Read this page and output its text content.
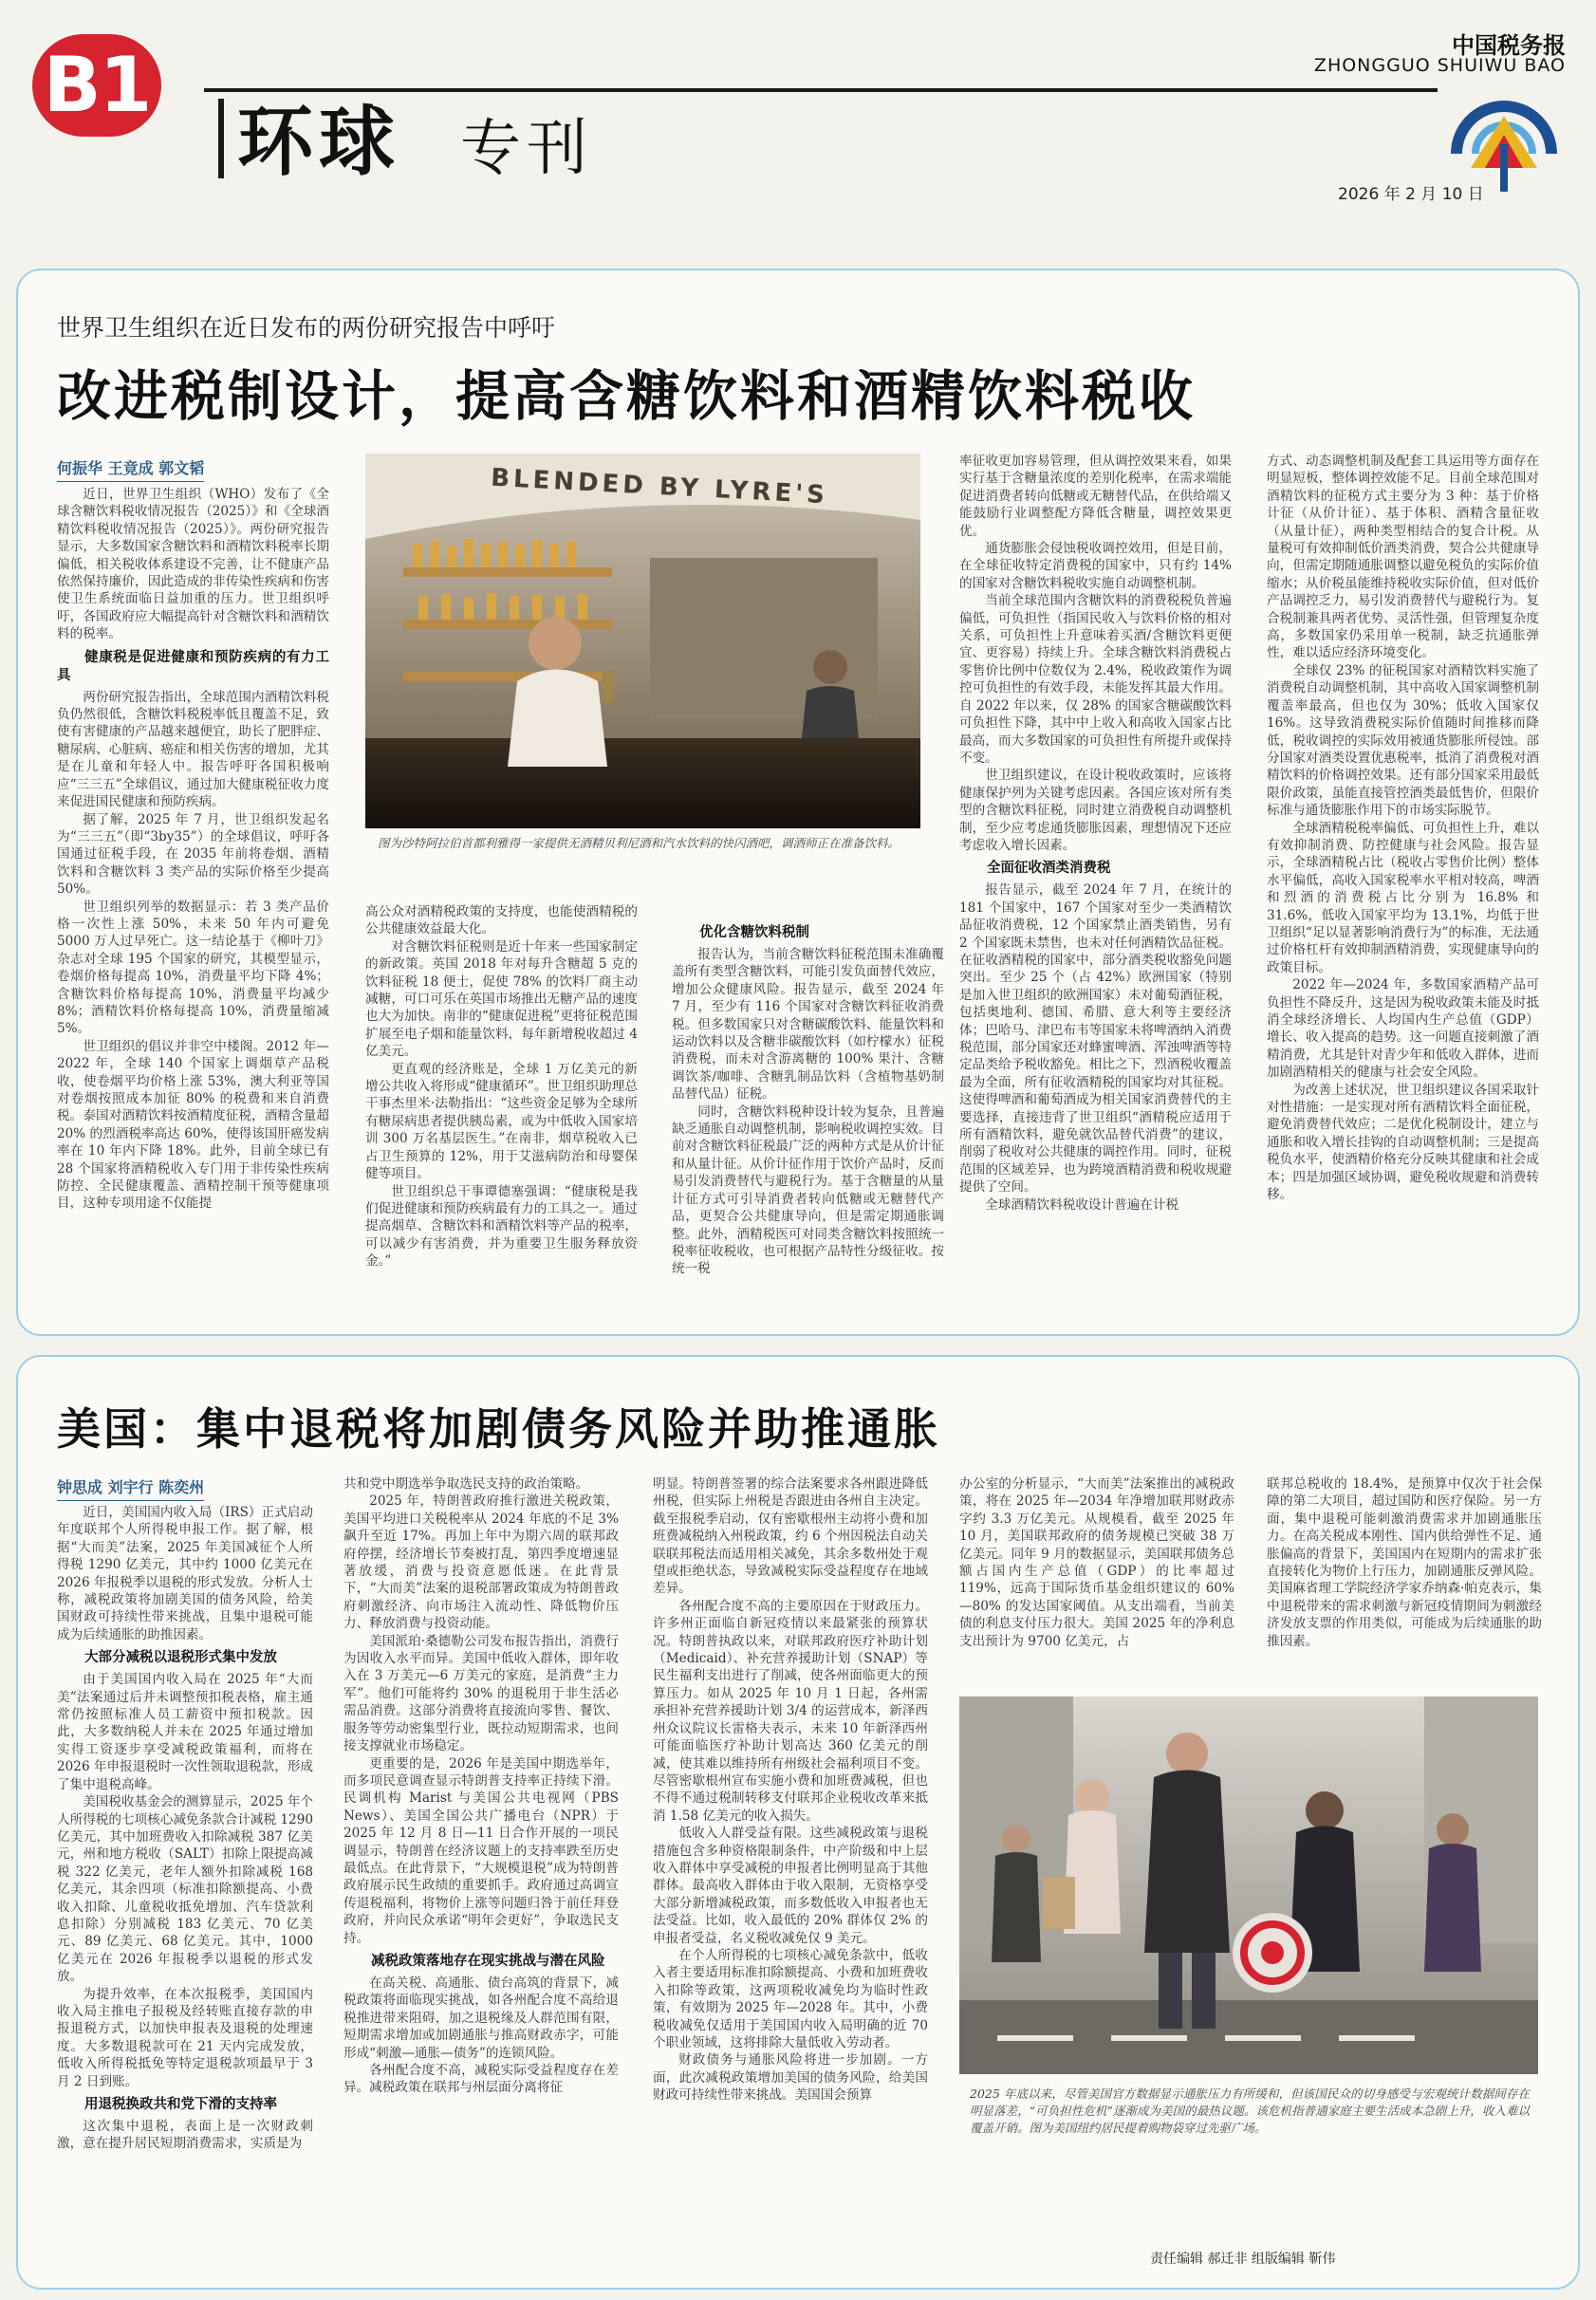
B1
环球 专刊
中国税务报
ZHONGGUO SHUIWU BAO
2026 年 2 月 10 日
世界卫生组织在近日发布的两份研究报告中呼吁
改进税制设计，提高含糖饮料和酒精饮料税收
何振华 王竟成 郭文韬

近日，世界卫生组织（WHO）发布了《全球含糖饮料税收情况报告（2025）》和《全球酒精饮料税收情况报告（2025）》。两份研究报告显示，大多数国家含糖饮料和酒精饮料税率长期偏低，相关税收体系建设不完善，让不健康产品依然保持廉价，因此造成的非传染性疾病和伤害使卫生系统面临日益加重的压力。世卫组织呼吁，各国政府应大幅提高针对含糖饮料和酒精饮料的税率。

健康税是促进健康和预防疾病的有力工具

两份研究报告指出，全球范围内酒精饮料税负仍然很低，含糖饮料税税率低且覆盖不足，致使有害健康的产品越来越便宜，助长了肥胖症、糖尿病、心脏病、癌症和相关伤害的增加，尤其是在儿童和年轻人中。报告呼吁各国积极响应“三三五”全球倡议，通过加大健康税征收力度来促进国民健康和预防疾病。

据了解，2025 年 7 月，世卫组织发起名为“三三五”（即“3by35”）的全球倡议，呼吁各国通过征税手段，在 2035 年前将卷烟、酒精饮料和含糖饮料 3 类产品的实际价格至少提高 50%。

世卫组织列举的数据显示：若 3 类产品价格一次性上涨 50%，未来 50 年内可避免 5000 万人过早死亡。这一结论基于《柳叶刀》杂志对全球 195 个国家的研究，其模型显示，卷烟价格每提高 10%，消费量平均下降 4%；含糖饮料价格每提高 10%，消费量平均减少 8%；酒精饮料价格每提高 10%，消费量缩减 5%。

世卫组织的倡议并非空中楼阁。2012 年—2022 年，全球 140 个国家上调烟草产品税收，使卷烟平均价格上涨 53%，澳大利亚等国对卷烟按照成本加征 80% 的税费和来自消费税。泰国对酒精饮料按酒精度征税，酒精含量超 20% 的烈酒税率高达 60%，使得该国肝癌发病率在 10 年内下降 18%。此外，目前全球已有 28 个国家将酒精税收入专门用于非传染性疾病防控、全民健康覆盖、酒精控制干预等健康项目，这种专项用途不仅能提

BLENDED BY LYRE'S
图为沙特阿拉伯首都利雅得一家提供无酒精贝利尼酒和汽水饮料的快闪酒吧，调酒师正在准备饮料。

高公众对酒精税政策的支持度，也能使酒精税的公共健康效益最大化。

对含糖饮料征税则是近十年来一些国家制定的新政策。英国 2018 年对每升含糖超 5 克的饮料征税 18 便士，促使 78% 的饮料厂商主动减糖，可口可乐在英国市场推出无糖产品的速度也大为加快。南非的“健康促进税”更将征税范围扩展至电子烟和能量饮料，每年新增税收超过 4 亿美元。

更直观的经济账是，全球 1 万亿美元的新增公共收入将形成“健康循环”。世卫组织助理总干事杰里米·法勒指出：“这些资金足够为全球所有糖尿病患者提供胰岛素，或为中低收入国家培训 300 万名基层医生。”在南非，烟草税收入已占卫生预算的 12%，用于艾滋病防治和母婴保健等项目。

世卫组织总干事谭德塞强调：“健康税是我们促进健康和预防疾病最有力的工具之一。通过提高烟草、含糖饮料和酒精饮料等产品的税率，可以减少有害消费，并为重要卫生服务释放资金。”

优化含糖饮料税制

报告认为，当前含糖饮料征税范围未准确覆盖所有类型含糖饮料，可能引发负面替代效应，增加公众健康风险。报告显示，截至 2024 年 7 月，至少有 116 个国家对含糖饮料征收消费税。但多数国家只对含糖碳酸饮料、能量饮料和运动饮料以及含糖非碳酸饮料（如柠檬水）征税消费税，而未对含游离糖的 100% 果汁、含糖调饮茶/咖啡、含糖乳制品饮料（含植物基奶制品替代品）征税。

同时，含糖饮料税种设计较为复杂，且普遍缺乏通胀自动调整机制，影响税收调控实效。目前对含糖饮料征税最广泛的两种方式是从价计征和从量计征。从价计征作用于饮价产品时，反而易引发消费替代与避税行为。基于含糖量的从量计征方式可引导消费者转向低糖或无糖替代产品，更契合公共健康导向，但是需定期通胀调整。此外，酒精税医可对同类含糖饮料按照统一税率征收税收，也可根据产品特性分级征收。按统一税

率征收更加容易管理，但从调控效果来看，如果实行基于含糖量浓度的差别化税率，在需求端能促进消费者转向低糖或无糖替代品，在供给端又能鼓励行业调整配方降低含糖量，调控效果更优。

通货膨胀会侵蚀税收调控效用，但是目前，在全球征收特定消费税的国家中，只有约 14% 的国家对含糖饮料税收实施自动调整机制。

当前全球范围内含糖饮料的消费税税负普遍偏低，可负担性（指国民收入与饮料价格的相对关系，可负担性上升意味着买酒/含糖饮料更便宜、更容易）持续上升。全球含糖饮料消费税占零售价比例中位数仅为 2.4%，税收政策作为调控可负担性的有效手段，未能发挥其最大作用。自 2022 年以来，仅 28% 的国家含糖碳酸饮料可负担性下降，其中中上收入和高收入国家占比最高，而大多数国家的可负担性有所提升或保持不变。

世卫组织建议，在设计税收政策时，应该将健康保护列为关键考虑因素。各国应该对所有类型的含糖饮料征税，同时建立消费税自动调整机制，至少应考虑通货膨胀因素，理想情况下还应考虑收入增长因素。

全面征收酒类消费税

报告显示，截至 2024 年 7 月，在统计的 181 个国家中，167 个国家对至少一类酒精饮品征收消费税，12 个国家禁止酒类销售，另有 2 个国家既未禁售，也未对任何酒精饮品征税。在征收酒精税的国家中，部分酒类税收豁免问题突出。至少 25 个（占 42%）欧洲国家（特别是加入世卫组织的欧洲国家）未对葡萄酒征税，包括奥地利、德国、希腊、意大利等主要经济体；巴哈马、津巴布韦等国家未将啤酒纳入消费税范围，部分国家还对蜂蜜啤酒、浑浊啤酒等特定品类给予税收豁免。相比之下，烈酒税收覆盖最为全面，所有征收酒精税的国家均对其征税。这使得啤酒和葡萄酒成为相关国家消费替代的主要选择，直接违背了世卫组织“酒精税应适用于所有酒精饮料，避免就饮品替代消费”的建议，削弱了税收对公共健康的调控作用。同时，征税范围的区域差异，也为跨境酒精消费和税收规避提供了空间。

全球酒精饮料税收设计普遍在计税

方式、动态调整机制及配套工具运用等方面存在明显短板，整体调控效能不足。目前全球范围对酒精饮料的征税方式主要分为 3 种：基于价格计征（从价计征）、基于体积、酒精含量征收（从量计征），两种类型相结合的复合计税。从量税可有效抑制低价酒类消费，契合公共健康导向，但需定期随通胀调整以避免税负的实际价值缩水；从价税虽能维持税收实际价值，但对低价产品调控乏力，易引发消费替代与避税行为。复合税制兼具两者优势、灵活性强，但管理复杂度高，多数国家仍采用单一税制，缺乏抗通胀弹性，难以适应经济环境变化。

全球仅 23% 的征税国家对酒精饮料实施了消费税自动调整机制，其中高收入国家调整机制覆盖率最高，但也仅为 30%；低收入国家仅 16%。这导致消费税实际价值随时间推移而降低，税收调控的实际效用被通货膨胀所侵蚀。部分国家对酒类设置优惠税率，抵消了消费税对酒精饮料的价格调控效果。还有部分国家采用最低限价政策，虽能直接管控酒类最低售价，但限价标准与通货膨胀作用下的市场实际脱节。

全球酒精税税率偏低、可负担性上升，难以有效抑制消费、防控健康与社会风险。报告显示，全球酒精税占比（税收占零售价比例）整体水平偏低，高收入国家税率水平相对较高，啤酒和烈酒的消费税占比分别为 16.8% 和 31.6%，低收入国家平均为 13.1%，均低于世卫组织“足以显著影响消费行为”的标准，无法通过价格杠杆有效抑制酒精消费，实现健康导向的政策目标。

2022 年—2024 年，多数国家酒精产品可负担性不降反升，这是因为税收政策未能及时抵消全球经济增长、人均国内生产总值（GDP）增长、收入提高的趋势。这一问题直接刺激了酒精消费，尤其是针对青少年和低收入群体，进而加剧酒精相关的健康与社会安全风险。

为改善上述状况，世卫组织建议各国采取针对性措施：一是实现对所有酒精饮料全面征税，避免消费替代效应；二是优化税制设计，建立与通胀和收入增长挂钩的自动调整机制；三是提高税负水平，使酒精价格充分反映其健康和社会成本；四是加强区域协调，避免税收规避和消费转移。

美国：集中退税将加剧债务风险并助推通胀
钟思成 刘宇行 陈奕州

近日，美国国内收入局（IRS）正式启动年度联邦个人所得税申报工作。据了解，根据“大而美”法案，2025 年美国减征个人所得税 1290 亿美元，其中约 1000 亿美元在 2026 年报税季以退税的形式发放。分析人士称，减税政策将加剧美国的债务风险，给美国财政可持续性带来挑战，且集中退税可能成为后续通胀的助推因素。

大部分减税以退税形式集中发放

由于美国国内收入局在 2025 年“大而美”法案通过后并未调整预扣税表格，雇主通常仍按照标准人员工薪资中预扣税款。因此，大多数纳税人并未在 2025 年通过增加实得工资逐步享受减税政策福利，而将在 2026 年申报退税时一次性领取退税款，形成了集中退税高峰。

美国税收基金会的测算显示，2025 年个人所得税的七项核心减免条款合计减税 1290 亿美元，其中加班费收入扣除减税 387 亿美元，州和地方税收（SALT）扣除上限提高减税 322 亿美元，老年人额外扣除减税 168 亿美元，其余四项（标准扣除额提高、小费收入扣除、儿童税收抵免增加、汽车贷款利息扣除）分别减税 183 亿美元、70 亿美元、89 亿美元、68 亿美元。其中，1000 亿美元在 2026 年报税季以退税的形式发放。

为提升效率，在本次报税季，美国国内收入局主推电子报税及经转账直接存款的申报退税方式，以加快申报表及退税的处理速度。大多数退税款可在 21 天内完成发放，低收入所得税抵免等特定退税款项最早于 3 月 2 日到账。

用退税换政共和党下滑的支持率

这次集中退税，表面上是一次财政刺激，意在提升居民短期消费需求，实质是为

共和党中期选举争取选民支持的政治策略。

2025 年，特朗普政府推行激进关税政策，美国平均进口关税税率从 2024 年底的不足 3% 飙升至近 17%。再加上年中为期六周的联邦政府停摆，经济增长节奏被打乱，第四季度增速显著放缓，消费与投资意愿低迷。在此背景下，“大而美”法案的退税部署政策成为特朗普政府刺激经济、向市场注入流动性、降低物价压力、释放消费与投资动能。

美国派珀·桑德勒公司发布报告指出，消费行为因收入水平而异。美国中低收入群体，即年收入在 3 万美元—6 万美元的家庭，是消费“主力军”。他们可能将约 30% 的退税用于非生活必需品消费。这部分消费将直接流向零售、餐饮、服务等劳动密集型行业，既拉动短期需求，也间接支撑就业市场稳定。

更重要的是，2026 年是美国中期选举年，而多项民意调查显示特朗普支持率正持续下滑。民调机构 Marist 与美国公共电视网（PBS News）、美国全国公共广播电台（NPR）于 2025 年 12 月 8 日—11 日合作开展的一项民调显示，特朗普在经济议题上的支持率跌至历史最低点。在此背景下，“大规模退税”成为特朗普政府展示民生政绩的重要抓手。政府通过高调宣传退税福利，将物价上涨等问题归咎于前任拜登政府，并向民众承诺“明年会更好”，争取选民支持。

减税政策落地存在现实挑战与潜在风险

在高关税、高通胀、债台高筑的背景下，减税政策将面临现实挑战，如各州配合度不高给退税推进带来阻碍，加之退税缘及人群范围有限，短期需求增加或加剧通胀与推高财政赤字，可能形成“刺激—通胀—债务”的连锁风险。

各州配合度不高，减税实际受益程度存在差异。减税政策在联邦与州层面分离将征

明显。特朗普签署的综合法案要求各州跟进降低州税，但实际上州税是否跟进由各州自主决定。截至报税季启动，仅有密歇根州主动将小费和加班费减税纳入州税政策，约 6 个州因税法自动关联联邦税法而适用相关减免，其余多数州处于观望或拒绝状态，导致减税实际受益程度存在地域差异。

各州配合度不高的主要原因在于财政压力。许多州正面临自新冠疫情以来最紧张的预算状况。特朗普执政以来，对联邦政府医疗补助计划（Medicaid）、补充营养援助计划（SNAP）等民生福利支出进行了削减，使各州面临更大的预算压力。如从 2025 年 10 月 1 日起，各州需承担补充营养援助计划 3/4 的运营成本，新泽西州众议院议长雷格夫表示，未来 10 年新泽西州可能面临医疗补助计划高达 360 亿美元的削减，使其难以维持所有州级社会福利项目不变。尽管密歇根州宣布实施小费和加班费减税，但也不得不通过税制转移支付联邦企业税收改革来抵消 1.58 亿美元的收入损失。

低收入人群受益有限。这些减税政策与退税措施包含多种资格限制条件，中产阶级和中上层收入群体中享受减税的申报者比例明显高于其他群体。最高收入群体由于收入限制，无资格享受大部分新增减税政策，而多数低收入申报者也无法受益。比如，收入最低的 20% 群体仅 2% 的申报者受益，名义税收减免仅 9 美元。

在个人所得税的七项核心减免条款中，低收入者主要适用标准扣除额提高、小费和加班费收入扣除等政策，这两项税收减免均为临时性政策，有效期为 2025 年—2028 年。其中，小费税收减免仅适用于美国国内收入局明确的近 70 个职业领域，这将排除大量低收入劳动者。

财政债务与通胀风险将进一步加剧。一方面，此次减税政策增加美国的债务风险，给美国财政可持续性带来挑战。美国国会预算

办公室的分析显示，“大而美”法案推出的减税政策，将在 2025 年—2034 年净增加联邦财政赤字约 3.3 万亿美元。从规模看，截至 2025 年 10 月，美国联邦政府的债务规模已突破 38 万亿美元。同年 9 月的数据显示，美国联邦债务总额占国内生产总值（GDP）的比率超过 119%，远高于国际货币基金组织建议的 60%—80% 的发达国家阈值。从支出端看，当前美债的利息支付压力很大。美国 2025 年的净利息支出预计为 9700 亿美元，占

联邦总税收的 18.4%，是预算中仅次于社会保障的第二大项目，超过国防和医疗保险。另一方面，集中退税可能刺激消费需求并加剧通胀压力。在高关税成本刚性、国内供给弹性不足、通胀偏高的背景下，美国国内在短期内的需求扩张直接转化为物价上行压力，加剧通胀反弹风险。美国麻省理工学院经济学家乔纳森·帕克表示，集中退税带来的需求刺激与新冠疫情期间为刺激经济发放支票的作用类似，可能成为后续通胀的助推因素。

2025 年底以来，尽管美国官方数据显示通胀压力有所缓和，但该国民众的切身感受与宏观统计数据间存在明显落差，“可负担性危机”逐渐成为美国的最热议题。该危机指普通家庭主要生活成本急剧上升，收入难以覆盖开销。图为美国纽约居民提着购物袋穿过先驱广场。
责任编辑 郝迁非 组版编辑 靳伟
